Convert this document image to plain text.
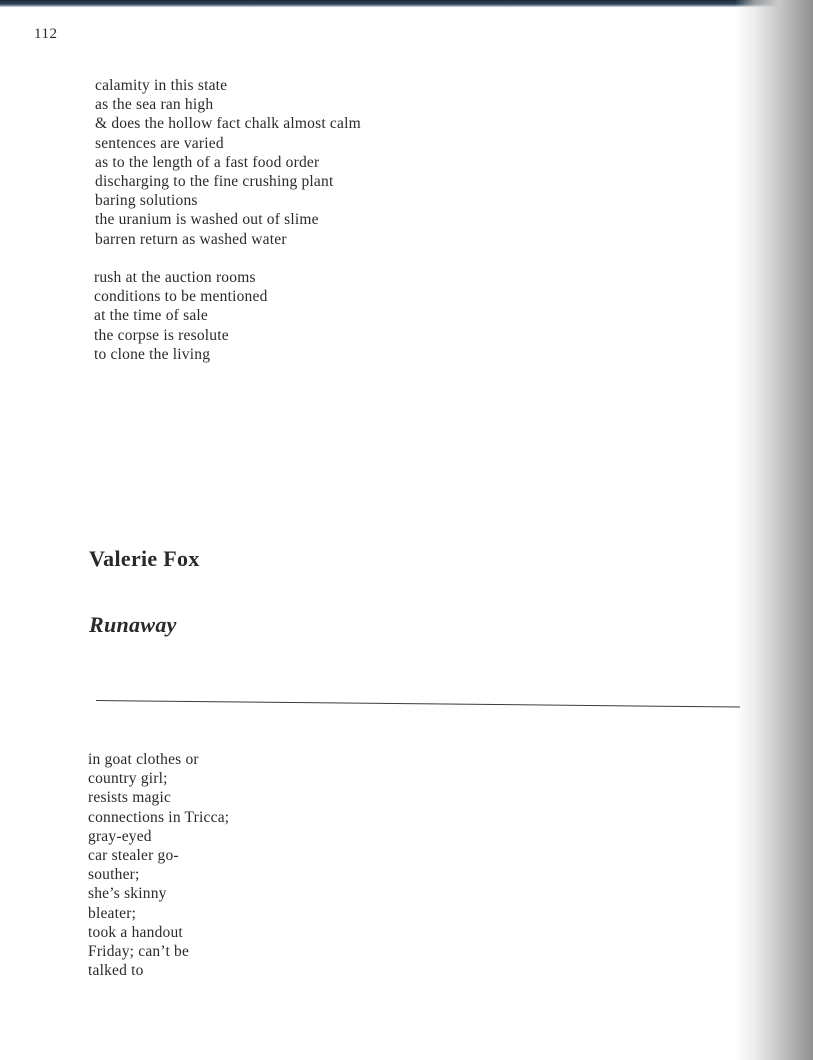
112
calamity in this state
as the sea ran high
& does the hollow fact chalk almost calm
sentences are varied
as to the length of a fast food order
discharging to the fine crushing plant
baring solutions
the uranium is washed out of slime
barren return as washed water
rush at the auction rooms
conditions to be mentioned
at the time of sale
the corpse is resolute
to clone the living
Valerie Fox
Runaway
in goat clothes or
country girl;
resists magic
connections in Tricca;
gray-eyed
car stealer go-
souther;
she’s skinny
bleater;
took a handout
Friday; can’t be
talked to
